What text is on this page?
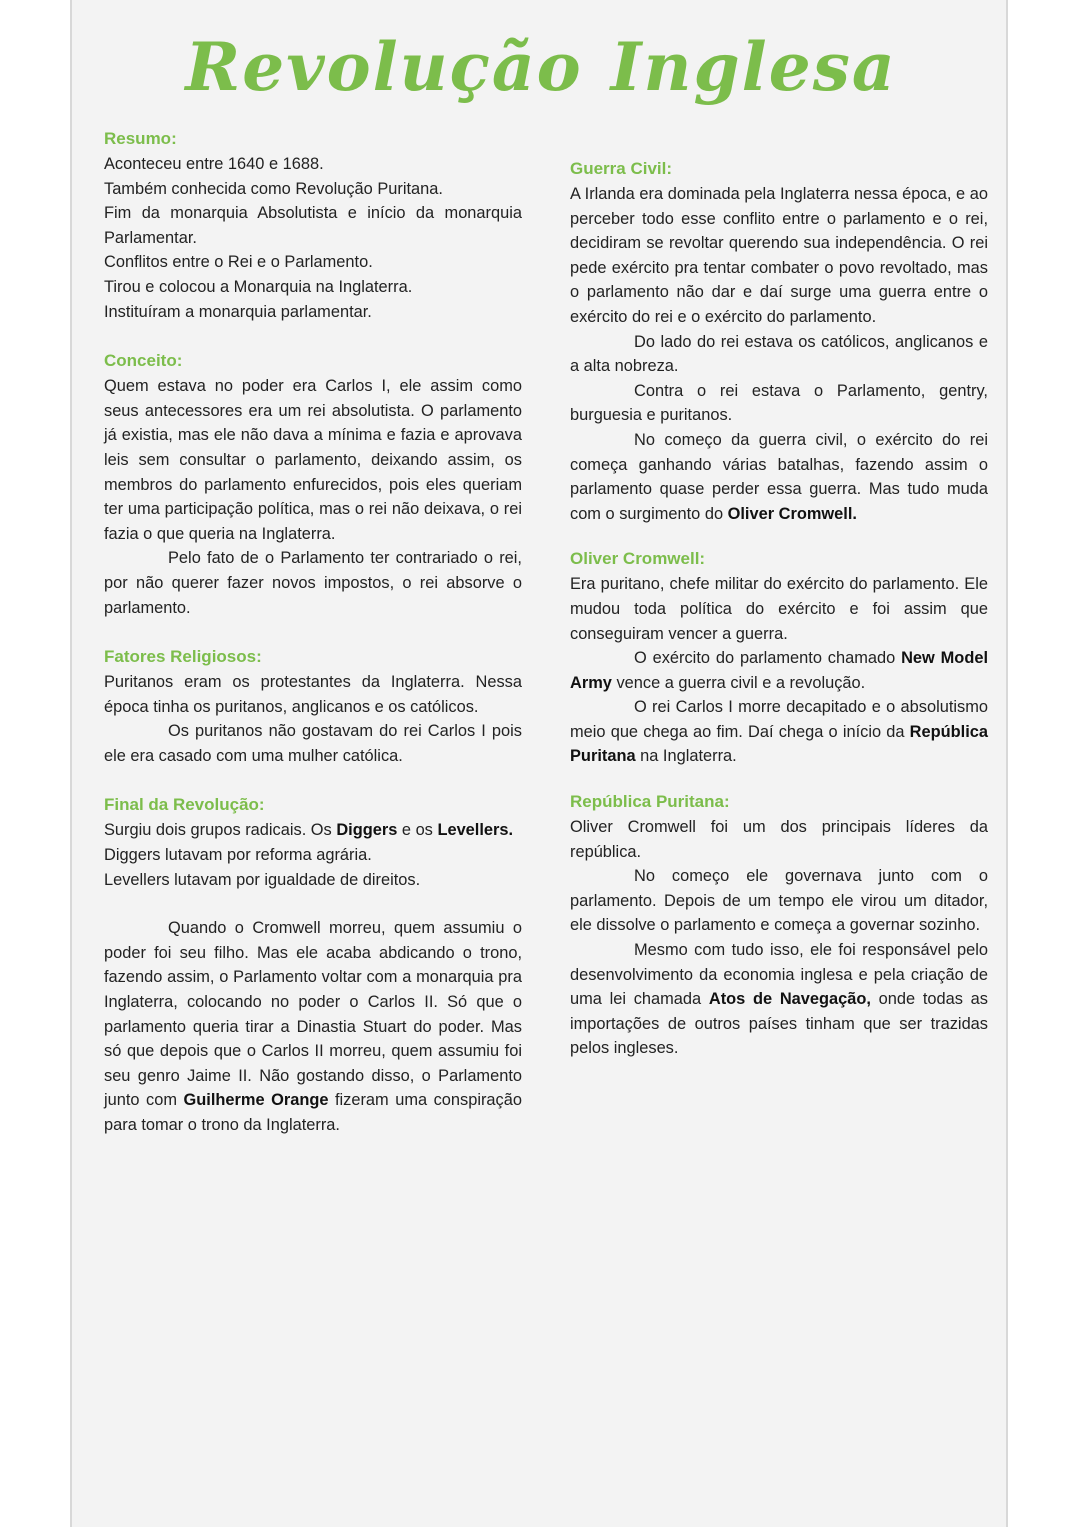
Revolução Inglesa
Resumo:

Aconteceu entre 1640 e 1688.

Também conhecida como Revolução Puritana.

Fim da monarquia Absolutista e início da monarquia Parlamentar.

Conflitos entre o Rei e o Parlamento.

Tirou e colocou a Monarquia na Inglaterra.

Instituíram a monarquia parlamentar.

Conceito:

Quem estava no poder era Carlos I, ele assim como seus antecessores era um rei absolutista. O parlamento já existia, mas ele não dava a mínima e fazia e aprovava leis sem consultar o parlamento, deixando assim, os membros do parlamento enfurecidos, pois eles queriam ter uma participação política, mas o rei não deixava, o rei fazia o que queria na Inglaterra.

Pelo fato de o Parlamento ter contrariado o rei, por não querer fazer novos impostos, o rei absorve o parlamento.

Fatores Religiosos:

Puritanos eram os protestantes da Inglaterra. Nessa época tinha os puritanos, anglicanos e os católicos.

Os puritanos não gostavam do rei Carlos I pois ele era casado com uma mulher católica.

Final da Revolução:

Surgiu dois grupos radicais. Os Diggers e os Levellers.

Diggers lutavam por reforma agrária.

Levellers lutavam por igualdade de direitos.

Quando o Cromwell morreu, quem assumiu o poder foi seu filho. Mas ele acaba abdicando o trono, fazendo assim, o Parlamento voltar com a monarquia pra Inglaterra, colocando no poder o Carlos II. Só que o parlamento queria tirar a Dinastia Stuart do poder. Mas só que depois que o Carlos II morreu, quem assumiu foi seu genro Jaime II. Não gostando disso, o Parlamento junto com Guilherme Orange fizeram uma conspiração para tomar o trono da Inglaterra.

Guerra Civil:

A Irlanda era dominada pela Inglaterra nessa época, e ao perceber todo esse conflito entre o parlamento e o rei, decidiram se revoltar querendo sua independência. O rei pede exército pra tentar combater o povo revoltado, mas o parlamento não dar e daí surge uma guerra entre o exército do rei e o exército do parlamento.

Do lado do rei estava os católicos, anglicanos e a alta nobreza.

Contra o rei estava o Parlamento, gentry, burguesia e puritanos.

No começo da guerra civil, o exército do rei começa ganhando várias batalhas, fazendo assim o parlamento quase perder essa guerra. Mas tudo muda com o surgimento do Oliver Cromwell.

Oliver Cromwell:

Era puritano, chefe militar do exército do parlamento. Ele mudou toda política do exército e foi assim que conseguiram vencer a guerra.

O exército do parlamento chamado New Model Army vence a guerra civil e a revolução.

O rei Carlos I morre decapitado e o absolutismo meio que chega ao fim. Daí chega o início da República Puritana na Inglaterra.

República Puritana:

Oliver Cromwell foi um dos principais líderes da república.

No começo ele governava junto com o parlamento. Depois de um tempo ele virou um ditador, ele dissolve o parlamento e começa a governar sozinho.

Mesmo com tudo isso, ele foi responsável pelo desenvolvimento da economia inglesa e pela criação de uma lei chamada Atos de Navegação, onde todas as importações de outros países tinham que ser trazidas pelos ingleses.
